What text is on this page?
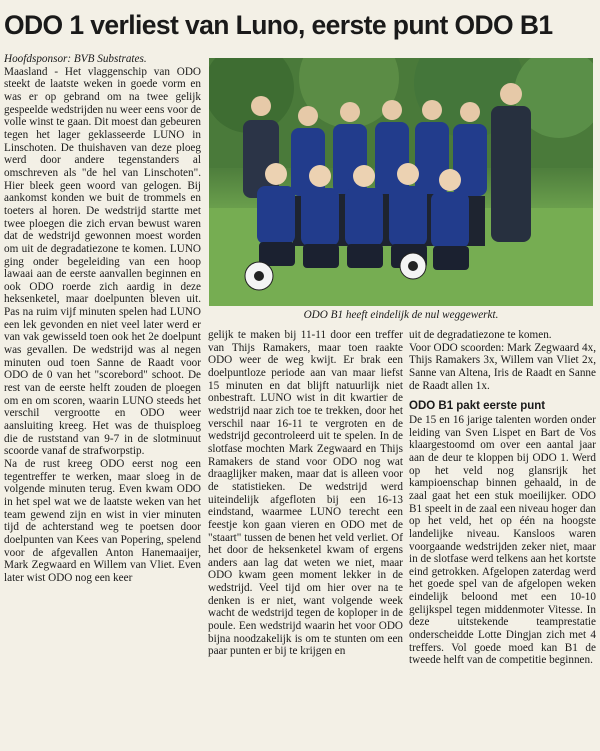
ODO 1 verliest van Luno, eerste punt ODO B1

Hoofdsponsor: BVB Substrates.

Maasland - Het vlaggenschip van ODO steekt de laatste weken in goede vorm en was er op gebrand om na twee gelijk gespeelde wedstrijden nu weer eens voor de volle winst te gaan. Dit moest dan gebeuren tegen het lager geklasseerde LUNO in Linschoten. De thuishaven van deze ploeg werd door andere tegenstanders al omschreven als "de hel van Linschoten". Hier bleek geen woord van gelogen. Bij aankomst konden we buit de trommels en toeters al horen. De wedstrijd startte met twee ploegen die zich ervan bewust waren dat de wedstrijd gewonnen moest worden om uit de degradatiezone te komen. LUNO ging onder begeleiding van een hoop lawaai aan de eerste aanvallen beginnen en ook ODO roerde zich aardig in deze heksenketel, maar doelpunten bleven uit. Pas na ruim vijf minuten spelen had LUNO een lek gevonden en niet veel later werd er van vak gewisseld toen ook het 2e doelpunt was gevallen. De wedstrijd was al negen minuten oud toen Sanne de Raadt voor ODO de 0 van het "scorebord" schoot. De rest van de eerste helft zouden de ploegen om en om scoren, waarin LUNO steeds het verschil vergrootte en ODO weer aansluiting kreeg. Het was de thuisploeg die de ruststand van 9-7 in de slotminuut scoorde vanaf de strafworpstip.

Na de rust kreeg ODO eerst nog een tegentreffer te werken, maar sloeg in de volgende minuten terug. Even kwam ODO in het spel wat we de laatste weken van het team gewend zijn en wist in vier minuten tijd de achterstand weg te poetsen door doelpunten van Kees van Popering, spelend voor de afgevallen Anton Hanemaaijer, Mark Zegwaard en Willem van Vliet. Even later wist ODO nog een keer

ODO B1 heeft eindelijk de nul weggewerkt.

gelijk te maken bij 11-11 door een treffer van Thijs Ramakers, maar toen raakte ODO weer de weg kwijt. Er brak een doelpuntloze periode aan van maar liefst 15 minuten en dat blijft natuurlijk niet onbestraft. LUNO wist in dit kwartier de wedstrijd naar zich toe te trekken, door het verschil naar 16-11 te vergroten en de wedstrijd gecontroleerd uit te spelen. In de slotfase mochten Mark Zegwaard en Thijs Ramakers de stand voor ODO nog wat draaglijker maken, maar dat is alleen voor de statistieken. De wedstrijd werd uiteindelijk afgefloten bij een 16-13 eindstand, waarmee LUNO terecht een feestje kon gaan vieren en ODO met de "staart" tussen de benen het veld verliet. Of het door de heksenketel kwam of ergens anders aan lag dat weten we niet, maar ODO kwam geen moment lekker in de wedstrijd. Veel tijd om hier over na te denken is er niet, want volgende week wacht de wedstrijd tegen de koploper in de poule. Een wedstrijd waarin het voor ODO bijna noodzakelijk is om te stunten om een paar punten er bij te krijgen en

uit de degradatiezone te komen.

Voor ODO scoorden: Mark Zegwaard 4x, Thijs Ramakers 3x, Willem van Vliet 2x, Sanne van Altena, Iris de Raadt en Sanne de Raadt allen 1x.

ODO B1 pakt eerste punt

De 15 en 16 jarige talenten worden onder leiding van Sven Lispet en Bart de Vos klaargestoomd om over een aantal jaar aan de deur te kloppen bij ODO 1. Werd op het veld nog glansrijk het kampioenschap binnen gehaald, in de zaal gaat het een stuk moeilijker. ODO B1 speelt in de zaal een niveau hoger dan op het veld, het op één na hoogste landelijke niveau. Kansloos waren voorgaande wedstrijden zeker niet, maar in de slotfase werd telkens aan het kortste eind getrokken. Afgelopen zaterdag werd het goede spel van de afgelopen weken eindelijk beloond met een 10-10 gelijkspel tegen middenmoter Vitesse. In deze uitstekende teamprestatie onderscheidde Lotte Dingjan zich met 4 treffers. Vol goede moed kan B1 de tweede helft van de competitie beginnen.
